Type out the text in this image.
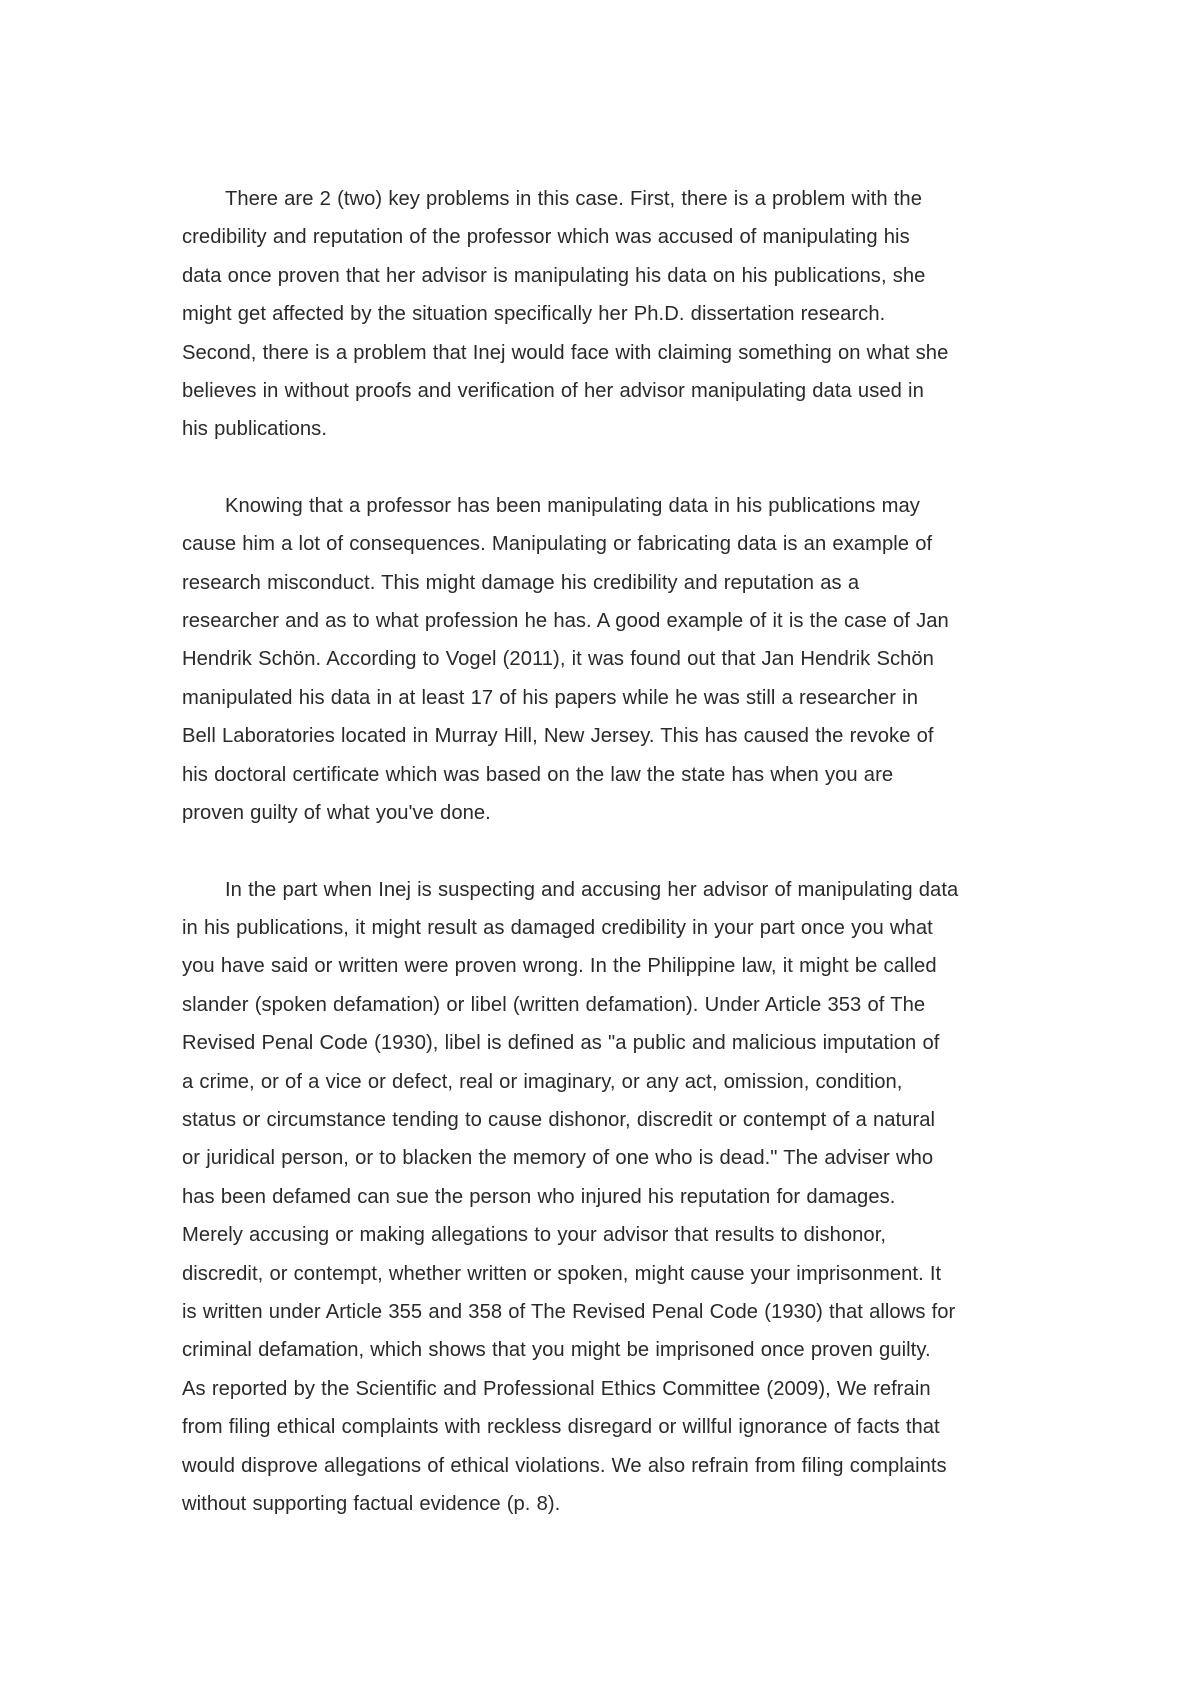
There are 2 (two) key problems in this case. First, there is a problem with the
credibility and reputation of the professor which was accused of manipulating his
data once proven that her advisor is manipulating his data on his publications, she
might get affected by the situation specifically her Ph.D. dissertation research.
Second, there is a problem that Inej would face with claiming something on what she
believes in without proofs and verification of her advisor manipulating data used in
his publications.

Knowing that a professor has been manipulating data in his publications may
cause him a lot of consequences. Manipulating or fabricating data is an example of
research misconduct. This might damage his credibility and reputation as a
researcher and as to what profession he has. A good example of it is the case of Jan
Hendrik Schön. According to Vogel (2011), it was found out that Jan Hendrik Schön
manipulated his data in at least 17 of his papers while he was still a researcher in
Bell Laboratories located in Murray Hill, New Jersey. This has caused the revoke of
his doctoral certificate which was based on the law the state has when you are
proven guilty of what you've done.

In the part when Inej is suspecting and accusing her advisor of manipulating data
in his publications, it might result as damaged credibility in your part once you what
you have said or written were proven wrong. In the Philippine law, it might be called
slander (spoken defamation) or libel (written defamation). Under Article 353 of The
Revised Penal Code (1930), libel is defined as "a public and malicious imputation of
a crime, or of a vice or defect, real or imaginary, or any act, omission, condition,
status or circumstance tending to cause dishonor, discredit or contempt of a natural
or juridical person, or to blacken the memory of one who is dead." The adviser who
has been defamed can sue the person who injured his reputation for damages.
Merely accusing or making allegations to your advisor that results to dishonor,
discredit, or contempt, whether written or spoken, might cause your imprisonment. It
is written under Article 355 and 358 of The Revised Penal Code (1930) that allows for
criminal defamation, which shows that you might be imprisoned once proven guilty.
As reported by the Scientific and Professional Ethics Committee (2009), We refrain
from filing ethical complaints with reckless disregard or willful ignorance of facts that
would disprove allegations of ethical violations. We also refrain from filing complaints
without supporting factual evidence (p. 8).
